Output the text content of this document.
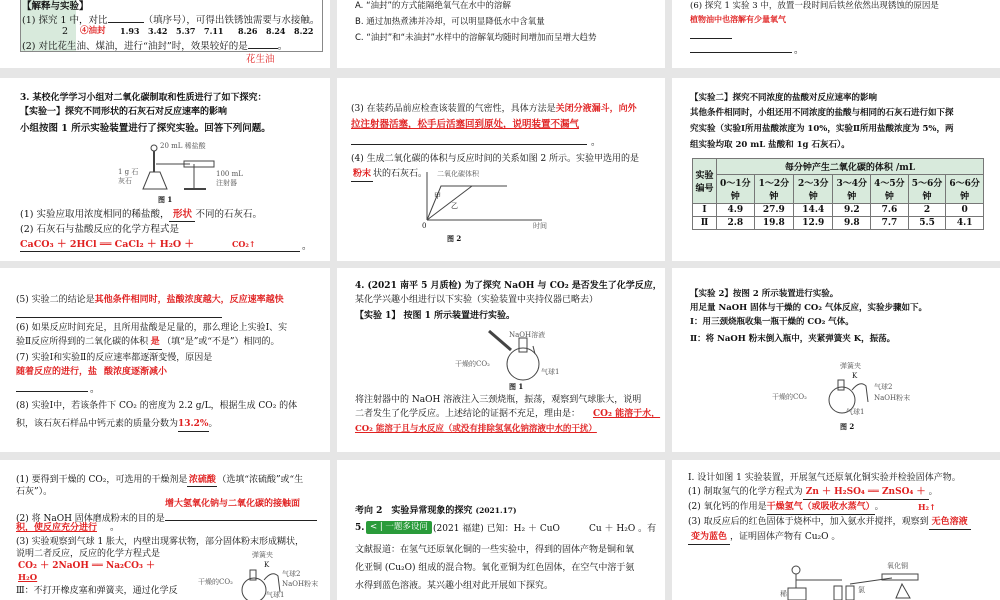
【解释与实验】
(1) 探究 1 中，对比	（填序号），可得出铁锈蚀需要与水接触。
2 ④油封 1.93 3.42 5.37 7.11 8.26 8.24 8.22
(2) 对比花生油、煤油，进行“油封”时，效果较好的是	。
花生油
A. “油封”的方式能隔绝氧气在水中的溶解
B. 通过加热煮沸并冷却，可以明显降低水中含氧量
C. “油封”和“未油封”水样中的溶解氧均随时间增加而呈增大趋势
(6) 探究 1 实验 3 中，放置一段时间后铁丝依然出现锈蚀的原因是
植物油中也溶解有少量氧气
。
3. 某校化学学习小组对二氧化碳制取和性质进行了如下探究：
【实验一】探究不同形状的石灰石对反应速率的影响
小组按图 1 所示实验装置进行了探究实验。回答下列问题。
20 mL 稀盐酸
1 g 石灰石
100 mL 注射器
图 1
(1) 实验应取用浓度相同的稀盐酸， 形状 不同的石灰石。
(2) 石灰石与盐酸反应的化学方程式是
CaCO₃ ＋ 2HCl ══ CaCl₂ ＋ H₂O ＋	CO₂↑	。
(3) 在装药品前应检查该装置的气密性，具体方法是关闭分液漏斗，向外
拉注射器活塞，松手后活塞回到原处，说明装置不漏气
。
(4) 生成二氧化碳的体积与反应时间的关系如图 2 所示。实验甲选用的是
粉末 状的石灰石。 二氧化碳体积
时间
0
甲
乙
图 2
【实验二】探究不同浓度的盐酸对反应速率的影响
其他条件相同时，小组还用不同浓度的盐酸与相同的石灰石进行如下探
究实验（实验Ⅰ所用盐酸浓度为 10%，实验Ⅱ所用盐酸浓度为 5%，两
组实验均取 20 mL 盐酸和 1g 石灰石）。
实验编号	每分钟产生二氧化碳的体积 /mL						
	0～1分钟	1～2分钟	2～3分钟	3～4分钟	4～5分钟	5～6分钟	6～6分钟
Ⅰ	4.9	27.9	14.4	9.2	7.6	2	0
Ⅱ	2.8	19.8	12.9	9.8	7.7	5.5	4.1
(5) 实验二的结论是其他条件相同时，盐酸浓度越大，反应速率越快
(6) 如果反应时间充足，且所用盐酸是足量的，那么理论上实验Ⅰ、实
验Ⅱ反应所得到的二氧化碳的体积 是 （填“是”或“不是”）相同的。
(7) 实验Ⅰ和实验Ⅱ的反应速率都逐渐变慢，原因是
随着反应的进行，盐 酸浓度逐渐减小
。
(8) 实验Ⅰ中，若该条件下 CO₂ 的密度为 2.2 g/L，根据生成 CO₂ 的体
积，该石灰石样品中钙元素的质量分数为13.2%。
4. (2021 南平 5 月质检) 为了探究 NaOH 与 CO₂ 是否发生了化学反应，
某化学兴趣小组进行以下实验（实验装置中夹持仪器已略去）
【实验 1】 按图 1 所示装置进行实验。
NaOH溶液
干燥的CO₂
气球1
图 1
将注射器中的 NaOH 溶液注入三颈烧瓶，振荡，观察到气球胀大，说明
二者发生了化学反应。上述结论的证据不充足，理由是： CO₂ 能溶于水，
CO₂ 能溶于且与水反应（或没有排除氢氧化钠溶液中水的干扰）
【实验 2】按图 2 所示装置进行实验。
用足量 NaOH 固体与干燥的 CO₂ 气体反应，实验步骤如下。
Ⅰ：用三颈烧瓶收集一瓶干燥的 CO₂ 气体。
Ⅱ：将 NaOH 粉末倒入瓶中，夹紧弹簧夹 K，振荡。
弹簧夹
K
气球2
NaOH粉末
干燥的CO₂
气球1
图 2
(1) 要得到干燥的 CO₂，可选用的干燥剂是浓硫酸 （选填“浓硫酸”或“生
石灰”）。
增大氢氧化钠与二氧化碳的接触面
(2) 将 NaOH 固体磨成粉末的目的是
积，使反应充分进行 。
(3) 实验观察到气球 1 胀大，内壁出现雾状物，部分固体粉末形成糊状，
说明二者反应，反应的化学方程式是
CO₂ ＋ 2NaOH ══ Na₂CO₃ ＋
H₂O
Ⅲ：不打开橡皮塞和弹簧夹，通过化学反
弹簧夹
K
气球2
NaOH粉末
干燥的CO₂
气球1
考向 2　实验异常现象的探究 (2021.17)
5. < | 一题多设问 (2021 福建) 已知：H₂ ＋ CuO	Cu ＋ H₂O 。有
文献报道：在氢气还原氧化铜的一些实验中，得到的固体产物是铜和氧
化亚铜 (Cu₂O) 组成的混合物。氧化亚铜为红色固体，在空气中溶于氨
水得到蓝色溶液。某兴趣小组对此开展如下探究。
Ⅰ. 设计如图 1 实验装置，开展氢气还原氧化铜实验并检验固体产物。
(1) 制取氢气的化学方程式为 Zn ＋ H₂SO₄ ══ ZnSO₄ ＋ 。
(2) 氧化钙的作用是干燥氢气（或吸收水蒸气）。	H₂↑
(3) 取反应后的红色固体于烧杯中，加入氨水并搅拌，观察到 无色溶液
变为蓝色 ，证明固体产物有 Cu₂O 。
氧化铜
稀	氯
